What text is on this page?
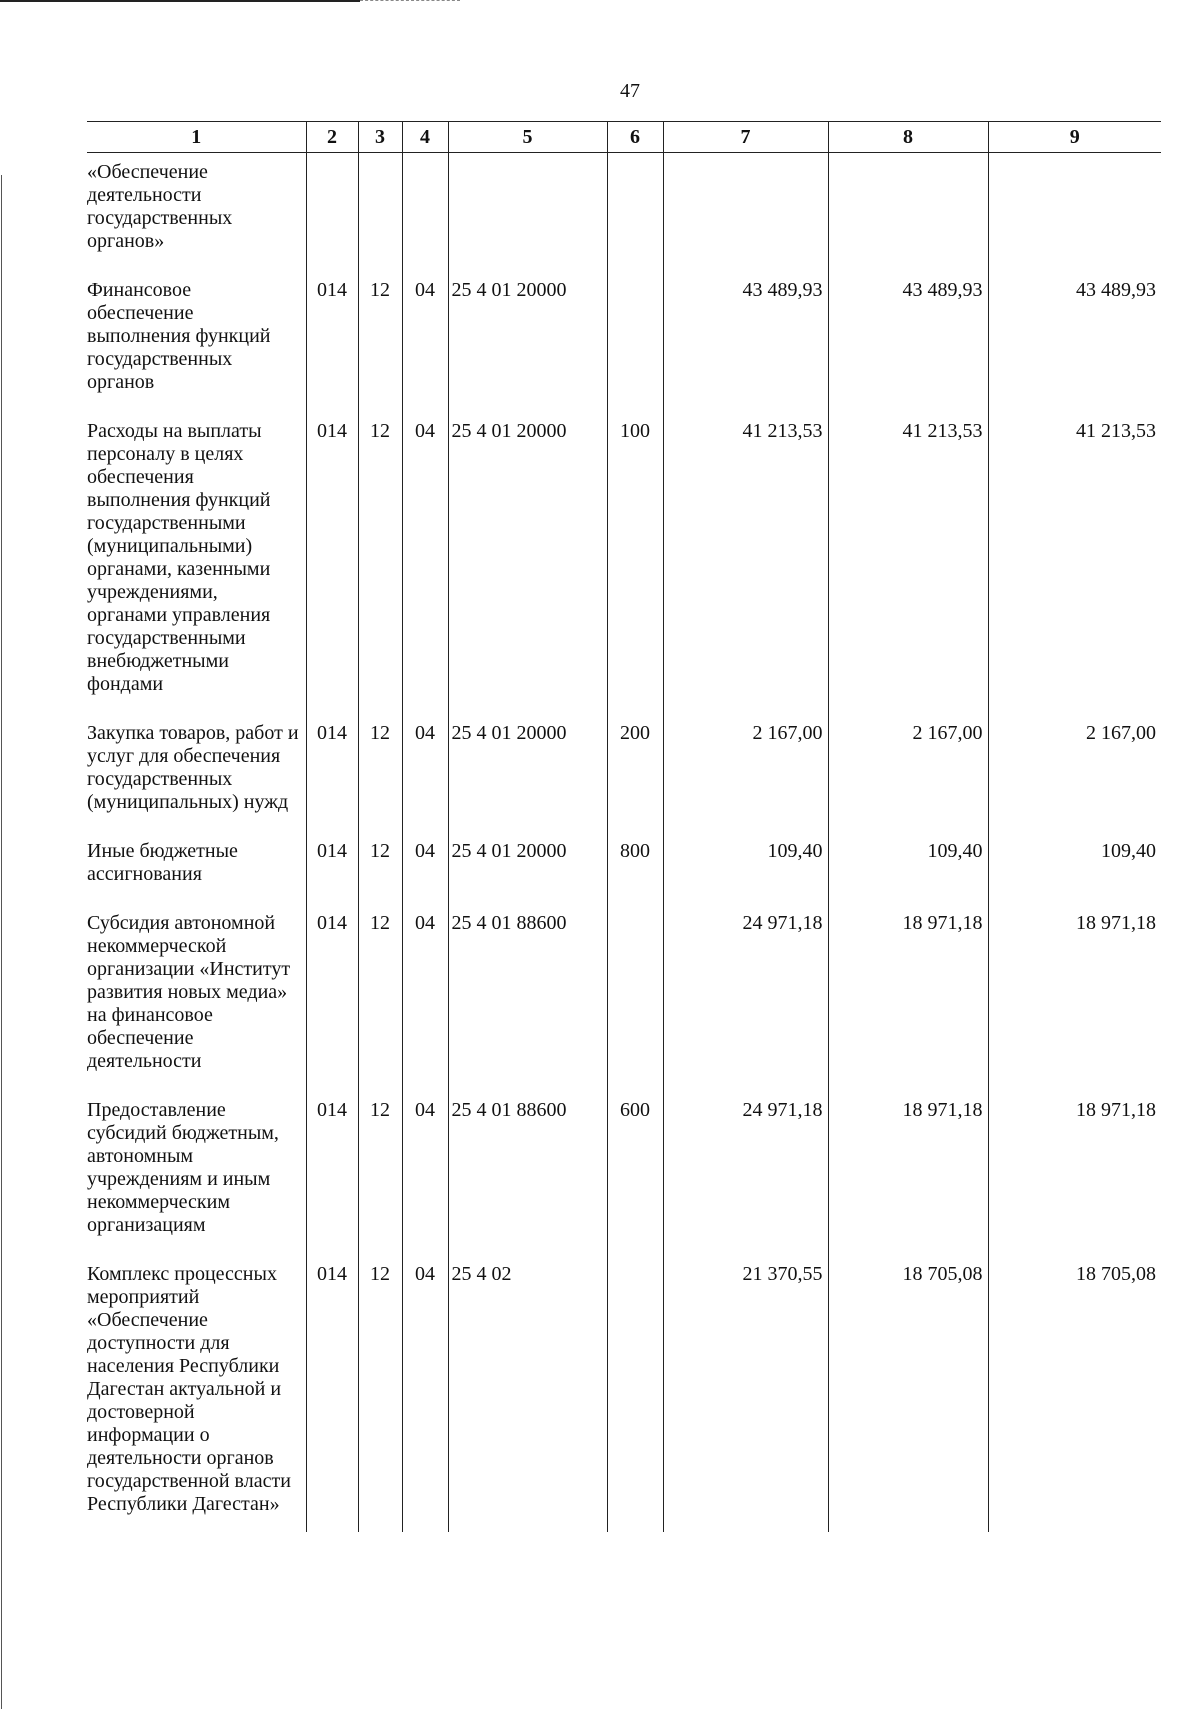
47
1	2	3	4	5	6	7	8	9
«Обеспечение деятельности государственных органов»								
Финансовое обеспечение выполнения функций государственных органов	014	12	04	25 4 01 20000		43 489,93	43 489,93	43 489,93
Расходы на выплаты персоналу в целях обеспечения выполнения функций государственными (муниципальными) органами, казенными учреждениями, органами управления государственными внебюджетными фондами	014	12	04	25 4 01 20000	100	41 213,53	41 213,53	41 213,53
Закупка товаров, работ и услуг для обеспечения государственных (муниципальных) нужд	014	12	04	25 4 01 20000	200	2 167,00	2 167,00	2 167,00
Иные бюджетные ассигнования	014	12	04	25 4 01 20000	800	109,40	109,40	109,40
Субсидия автономной некоммерческой организации «Институт развития новых медиа» на финансовое обеспечение деятельности	014	12	04	25 4 01 88600		24 971,18	18 971,18	18 971,18
Предоставление субсидий бюджетным, автономным учреждениям и иным некоммерческим организациям	014	12	04	25 4 01 88600	600	24 971,18	18 971,18	18 971,18
Комплекс процессных мероприятий «Обеспечение доступности для населения Республики Дагестан актуальной и достоверной информации о деятельности органов государственной власти Республики Дагестан»	014	12	04	25 4 02		21 370,55	18 705,08	18 705,08
